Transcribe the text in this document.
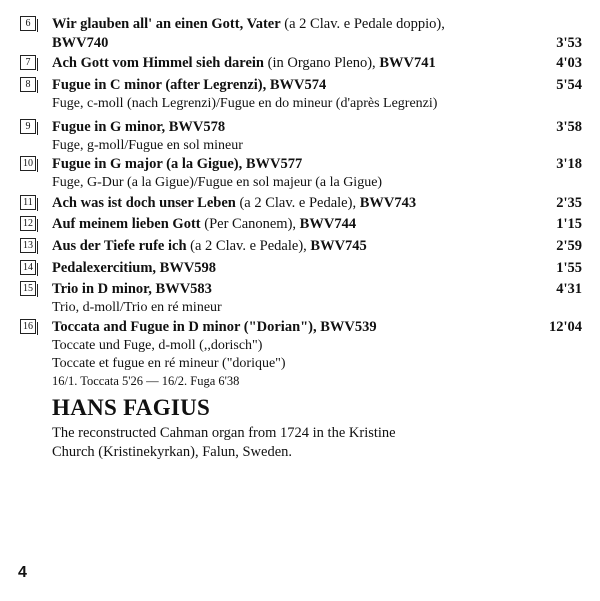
6	Wir glauben all' an einen Gott, Vater (a 2 Clav. e Pedale doppio),
BWV740	3'53
7	Ach Gott vom Himmel sieh darein (in Organo Pleno), BWV741	4'03
8	Fugue in C minor (after Legrenzi), BWV574
Fuge, c-moll (nach Legrenzi)/Fugue en do mineur (d'après Legrenzi)
5'54
9	Fugue in G minor, BWV578
Fuge, g-moll/Fugue en sol mineur
3'58
10 Fugue in G major (a la Gigue), BWV577
Fuge, G-Dur (a la Gigue)/Fugue en sol majeur (a la Gigue)
3'18
11 Ach was ist doch unser Leben (a 2 Clav. e Pedale), BWV743	2'35
12 Auf meinem lieben Gott (Per Canonem), BWV744	1'15
13 Aus der Tiefe rufe ich (a 2 Clav. e Pedale), BWV745	2'59
14 Pedalexercitium, BWV598	1'55
15 Trio in D minor, BWV583
Trio, d-moll/Trio en ré mineur
4'31
16 Toccata and Fugue in D minor ("Dorian"), BWV539
Toccate und Fuge, d-moll (,,dorisch")
Toccate et fugue en ré mineur ("dorique")
16/1. Toccata 5'26 — 16/2. Fuga 6'38
12'04
HANS FAGIUS
The reconstructed Cahman organ from 1724 in the Kristine
Church (Kristinekyrkan), Falun, Sweden.
4
